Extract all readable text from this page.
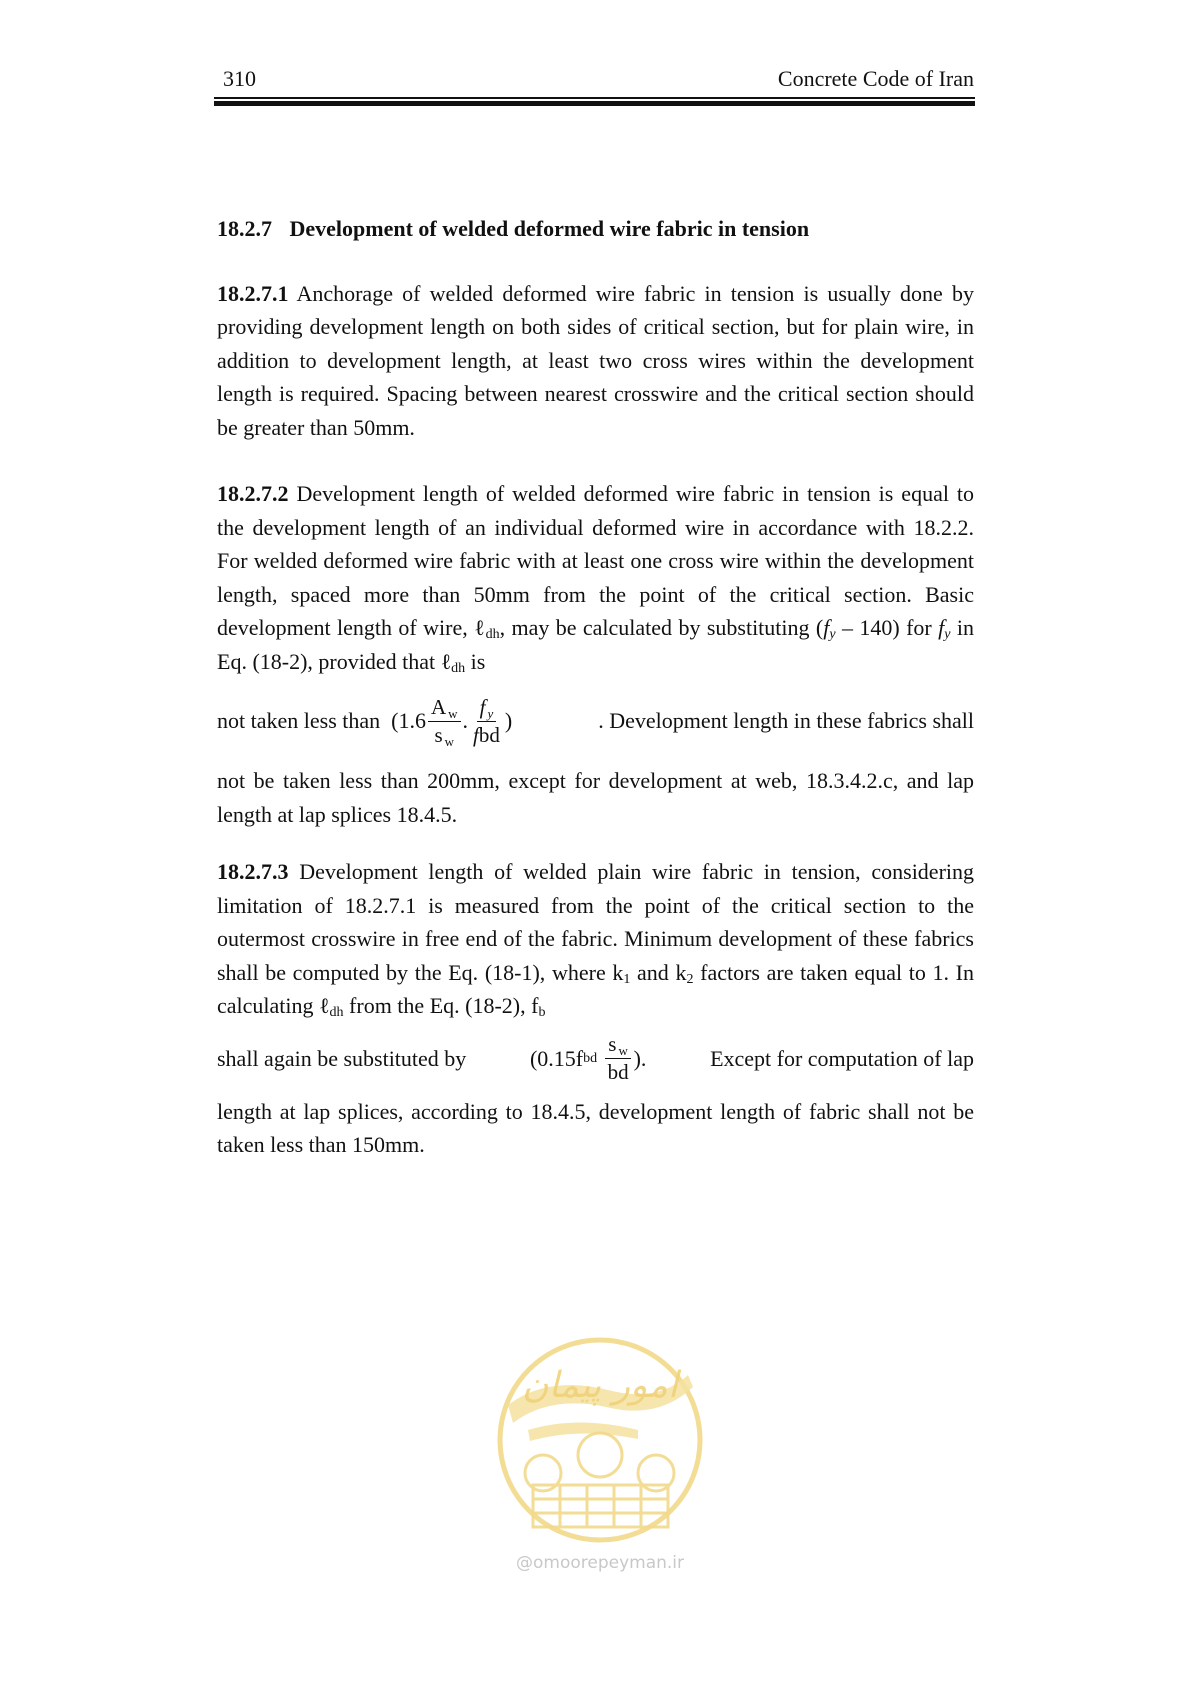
310	Concrete Code of Iran
18.2.7 Development of welded deformed wire fabric in tension

18.2.7.1 Anchorage of welded deformed wire fabric in tension is usually done by providing development length on both sides of critical section, but for plain wire, in addition to development length, at least two cross wires within the development length is required. Spacing between nearest crosswire and the critical section should be greater than 50mm.

18.2.7.2 Development length of welded deformed wire fabric in tension is equal to the development length of an individual deformed wire in accordance with 18.2.2. For welded deformed wire fabric with at least one cross wire within the development length, spaced more than 50mm from the point of the critical section. Basic development length of wire, ℓ$_{dh}$, may be calculated by substituting $(f_y - 140)$ for $f_y$ in Eq. (18-2), provided that ℓ$_{dh}$ is

not taken less than
($1.6 \frac{\text{A w}}{\text{s w}}$ . $\frac{\text{f y}}{\text{fbd}}$ )	. Development length in these fabrics shall

not be taken less than 200mm, except for development at web, 18.3.4.2.c, and lap length at lap splices 18.4.5.

18.2.7.3 Development length of welded plain wire fabric in tension, considering limitation of 18.2.7.1 is measured from the point of the critical section to the outermost crosswire in free end of the fabric. Minimum development of these fabrics shall be computed by the Eq. (18-1), where $k_1$ and $k_2$ factors are taken equal to 1. In calculating ℓ$_{dh}$ from the Eq. (18-2), $f_b$

shall again be substituted by	(0.15f bd
$\frac{\text{s w}}{bd}$ ).	Except for computation of lap

length at lap splices, according to 18.4.5, development length of fabric shall not be taken less than 150mm.

امور پیمان
@omoorepeyman.ir
